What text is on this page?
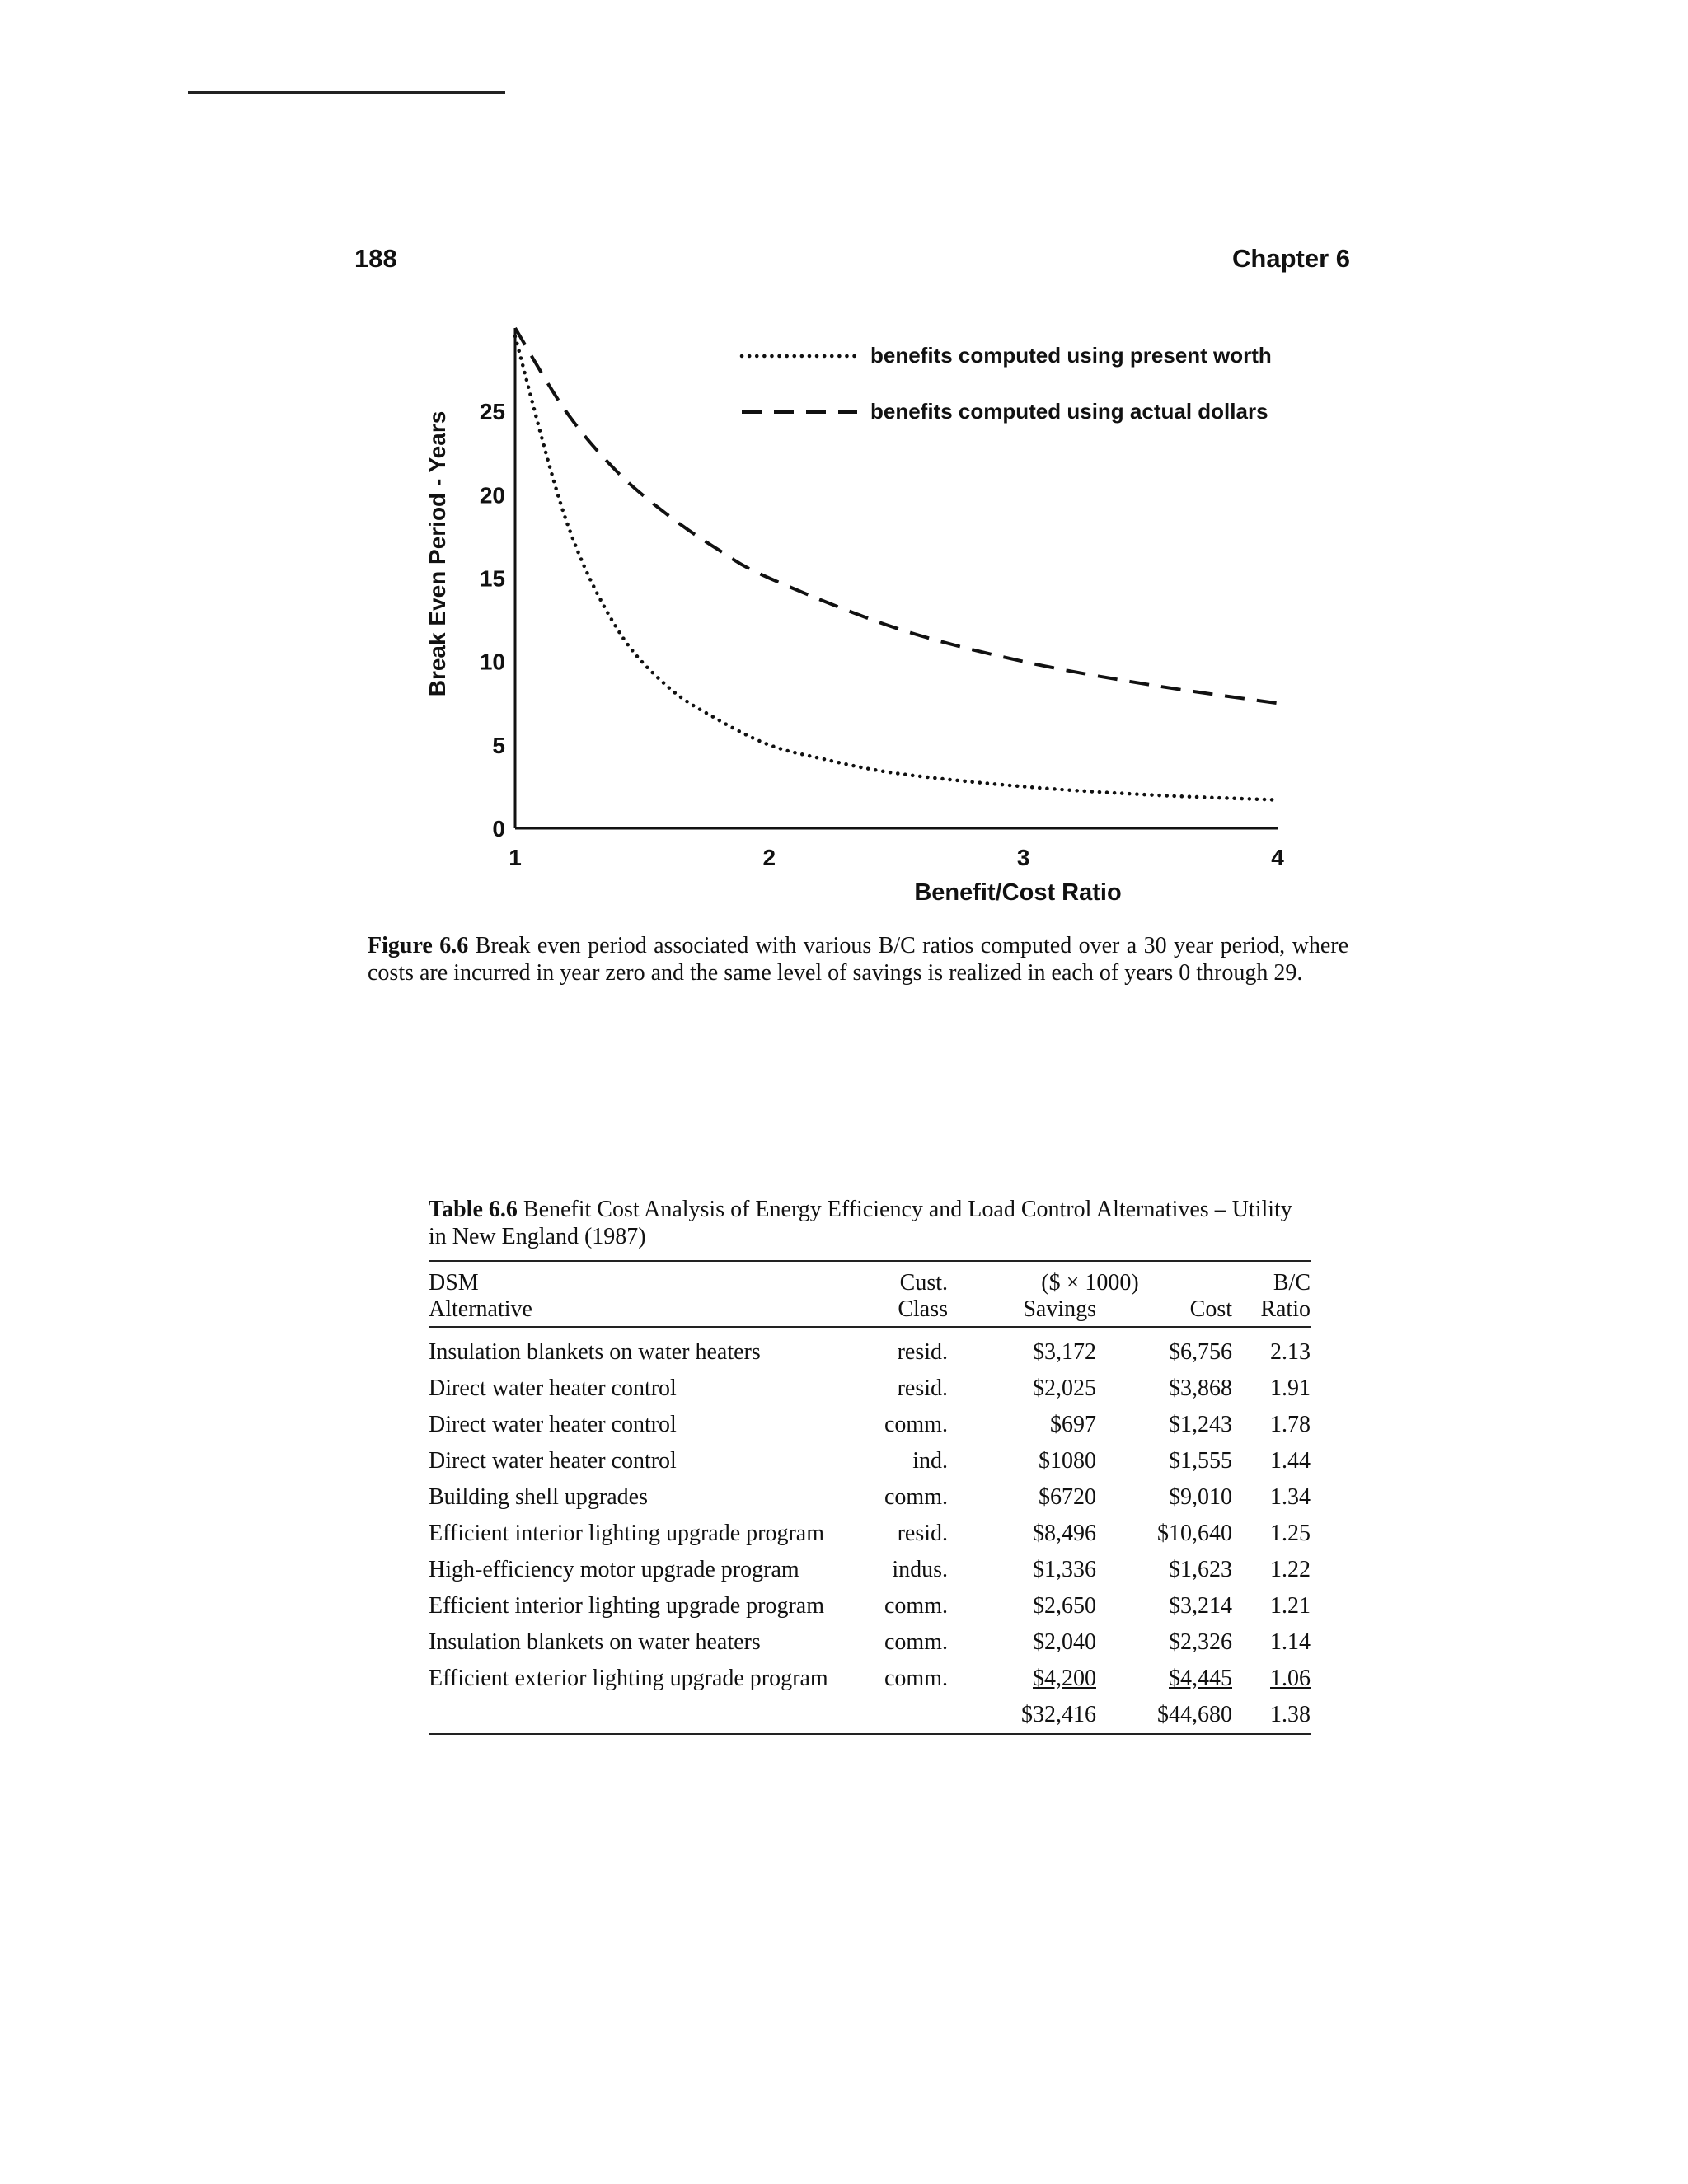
188	Chapter 6
Break Even Period - Years
Benefit/Cost Ratio
0
5
10
15
20
25
1	2	3	4
benefits computed using present worth
benefits computed using actual dollars
Figure 6.6 Break even period associated with various B/C ratios computed over a 30 year period, where costs are incurred in year zero and the same level of savings is realized in each of years 0 through 29.
Table 6.6 Benefit Cost Analysis of Energy Efficiency and Load Control Alternatives – Utility in New England (1987)
DSM	Cust.	($ × 1000)		B/C
Alternative	Class	Savings	Cost	Ratio
Insulation blankets on water heaters	resid.	$3,172	$6,756	2.13
Direct water heater control	resid.	$2,025	$3,868	1.91
Direct water heater control	comm.	$697	$1,243	1.78
Direct water heater control	ind.	$1080	$1,555	1.44
Building shell upgrades	comm.	$6720	$9,010	1.34
Efficient interior lighting upgrade program	resid.	$8,496	$10,640	1.25
High-efficiency motor upgrade program	indus.	$1,336	$1,623	1.22
Efficient interior lighting upgrade program	comm.	$2,650	$3,214	1.21
Insulation blankets on water heaters	comm.	$2,040	$2,326	1.14
Efficient exterior lighting upgrade program	comm.	$4,200	$4,445	1.06
		$32,416	$44,680	1.38
